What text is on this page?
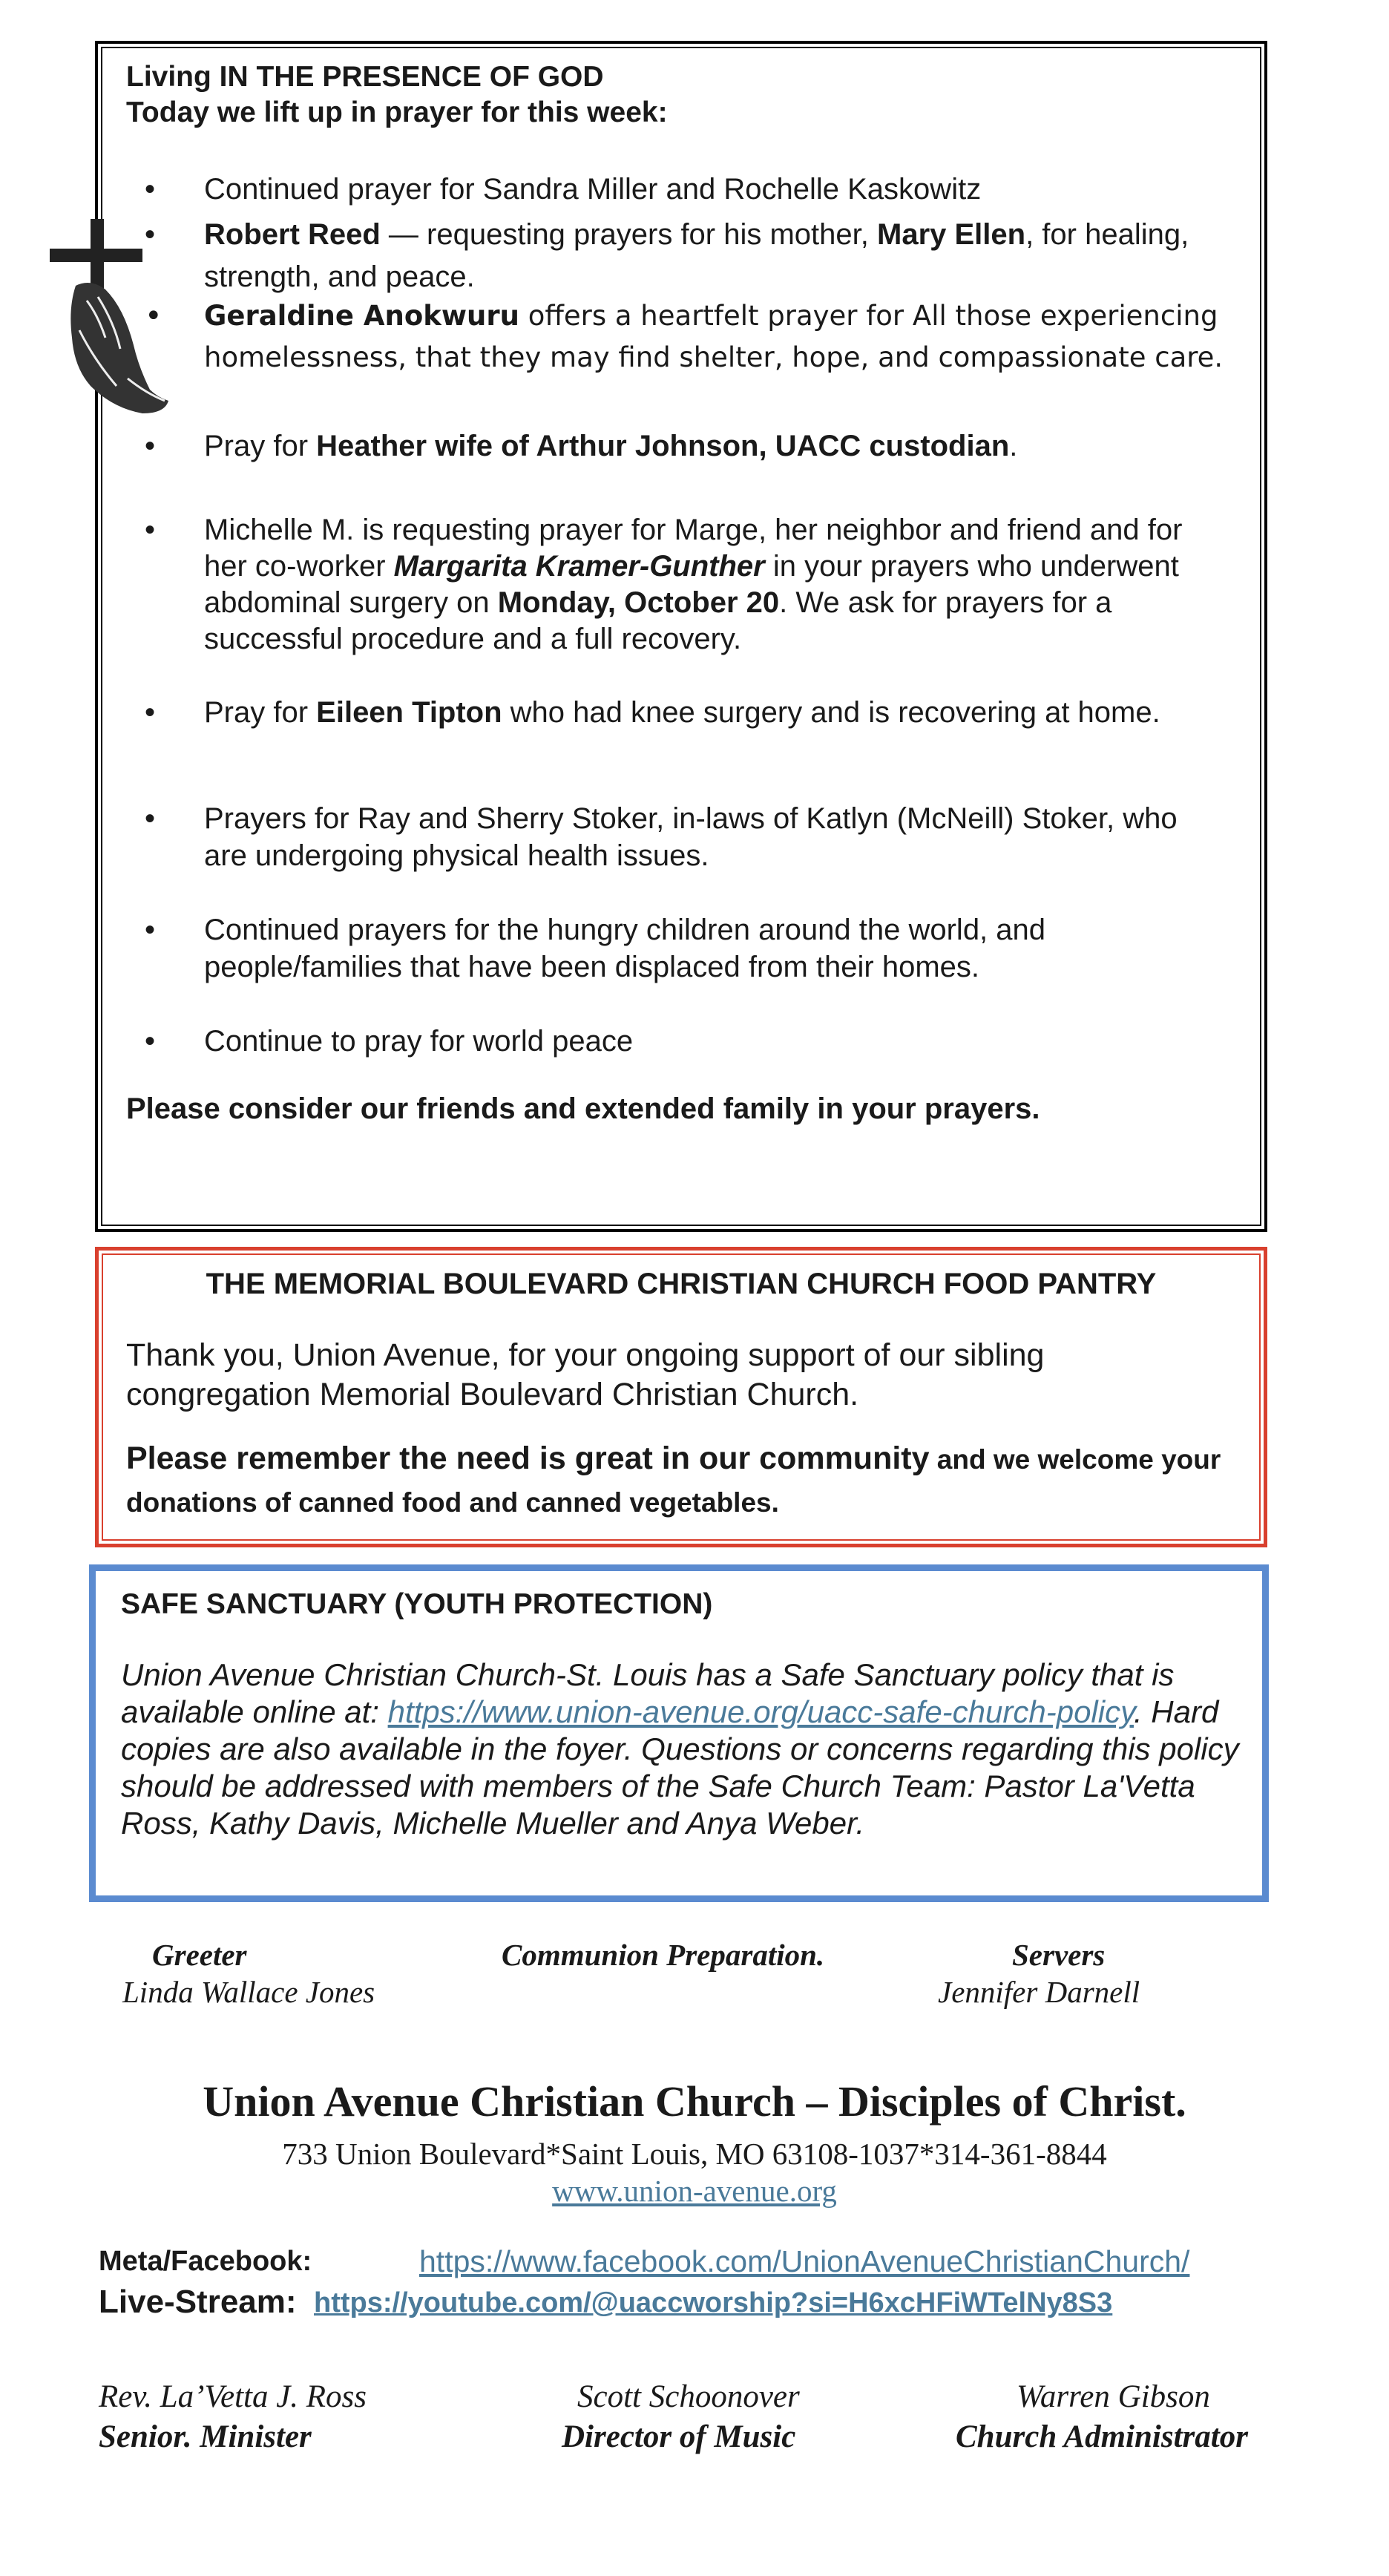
Living IN THE PRESENCE OF GOD
Today we lift up in prayer for this week:
• Continued prayer for Sandra Miller and Rochelle Kaskowitz
• Robert Reed — requesting prayers for his mother, Mary Ellen, for healing, strength, and peace.
• Geraldine Anokwuru offers a heartfelt prayer for All those experiencing homelessness, that they may find shelter, hope, and compassionate care.
• Pray for Heather wife of Arthur Johnson, UACC custodian.
• Michelle M. is requesting prayer for Marge, her neighbor and friend and for her co-worker Margarita Kramer-Gunther in your prayers who underwent abdominal surgery on Monday, October 20. We ask for prayers for a successful procedure and a full recovery.
• Pray for Eileen Tipton who had knee surgery and is recovering at home.
• Prayers for Ray and Sherry Stoker, in-laws of Katlyn (McNeill) Stoker, who are undergoing physical health issues.
• Continued prayers for the hungry children around the world, and people/families that have been displaced from their homes.
• Continue to pray for world peace
Please consider our friends and extended family in your prayers.
THE MEMORIAL BOULEVARD CHRISTIAN CHURCH FOOD PANTRY
Thank you, Union Avenue, for your ongoing support of our sibling congregation Memorial Boulevard Christian Church.
Please remember the need is great in our community and we welcome your donations of canned food and canned vegetables.
SAFE SANCTUARY (YOUTH PROTECTION)
Union Avenue Christian Church-St. Louis has a Safe Sanctuary policy that is available online at: https://www.union-avenue.org/uacc-safe-church-policy. Hard copies are also available in the foyer. Questions or concerns regarding this policy should be addressed with members of the Safe Church Team: Pastor La'Vetta Ross, Kathy Davis, Michelle Mueller and Anya Weber.
Greeter
Linda Wallace Jones
Communion Preparation.	Servers
Jennifer Darnell
Union Avenue Christian Church – Disciples of Christ.
733 Union Boulevard*Saint Louis, MO 63108-1037*314-361-8844
www.union-avenue.org
Meta/Facebook:	https://www.facebook.com/UnionAvenueChristianChurch/
Live-Stream: https://youtube.com/@uaccworship?si=H6xcHFiWTelNy8S3
Rev. La’Vetta J. Ross
Senior. Minister
Scott Schoonover
Director of Music
Warren Gibson
Church Administrator
